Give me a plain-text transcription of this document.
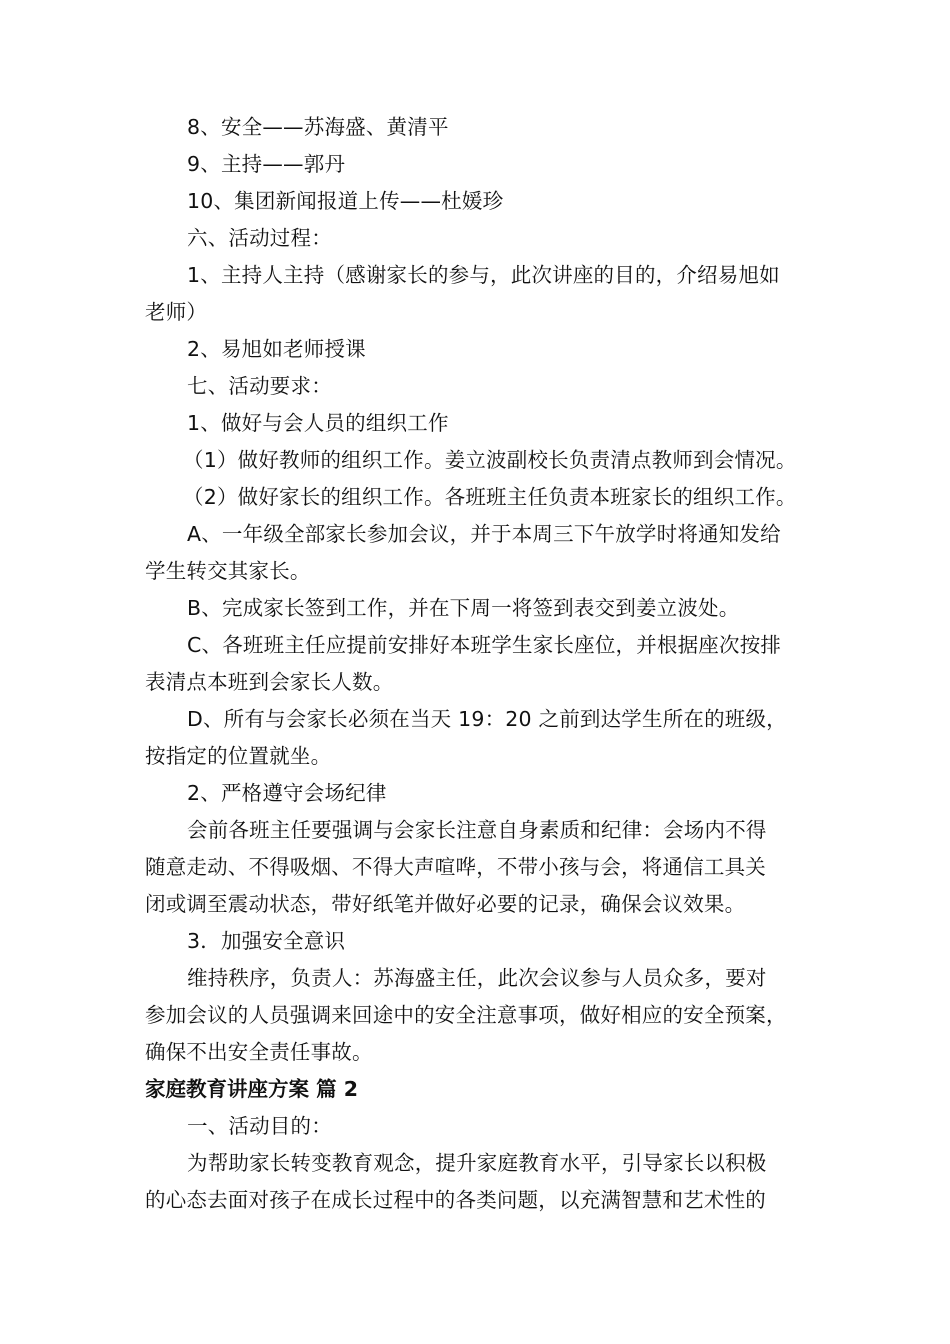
8、安全——苏海盛、黄清平
9、主持——郭丹
10、集团新闻报道上传——杜媛珍
六、活动过程：
1、主持人主持（感谢家长的参与，此次讲座的目的，介绍易旭如
老师）
2、易旭如老师授课
七、活动要求：
1、做好与会人员的组织工作
（1）做好教师的组织工作。姜立波副校长负责清点教师到会情况。
（2）做好家长的组织工作。各班班主任负责本班家长的组织工作。
A、一年级全部家长参加会议，并于本周三下午放学时将通知发给
学生转交其家长。
B、完成家长签到工作，并在下周一将签到表交到姜立波处。
C、各班班主任应提前安排好本班学生家长座位，并根据座次按排
表清点本班到会家长人数。
D、所有与会家长必须在当天 19：20 之前到达学生所在的班级，
按指定的位置就坐。
2、严格遵守会场纪律
会前各班主任要强调与会家长注意自身素质和纪律：会场内不得
随意走动、不得吸烟、不得大声喧哗，不带小孩与会，将通信工具关
闭或调至震动状态，带好纸笔并做好必要的记录，确保会议效果。
3．加强安全意识
维持秩序，负责人：苏海盛主任，此次会议参与人员众多，要对
参加会议的人员强调来回途中的安全注意事项，做好相应的安全预案，
确保不出安全责任事故。
家庭教育讲座方案 篇 2
一、活动目的：
为帮助家长转变教育观念，提升家庭教育水平，引导家长以积极
的心态去面对孩子在成长过程中的各类问题，以充满智慧和艺术性的
